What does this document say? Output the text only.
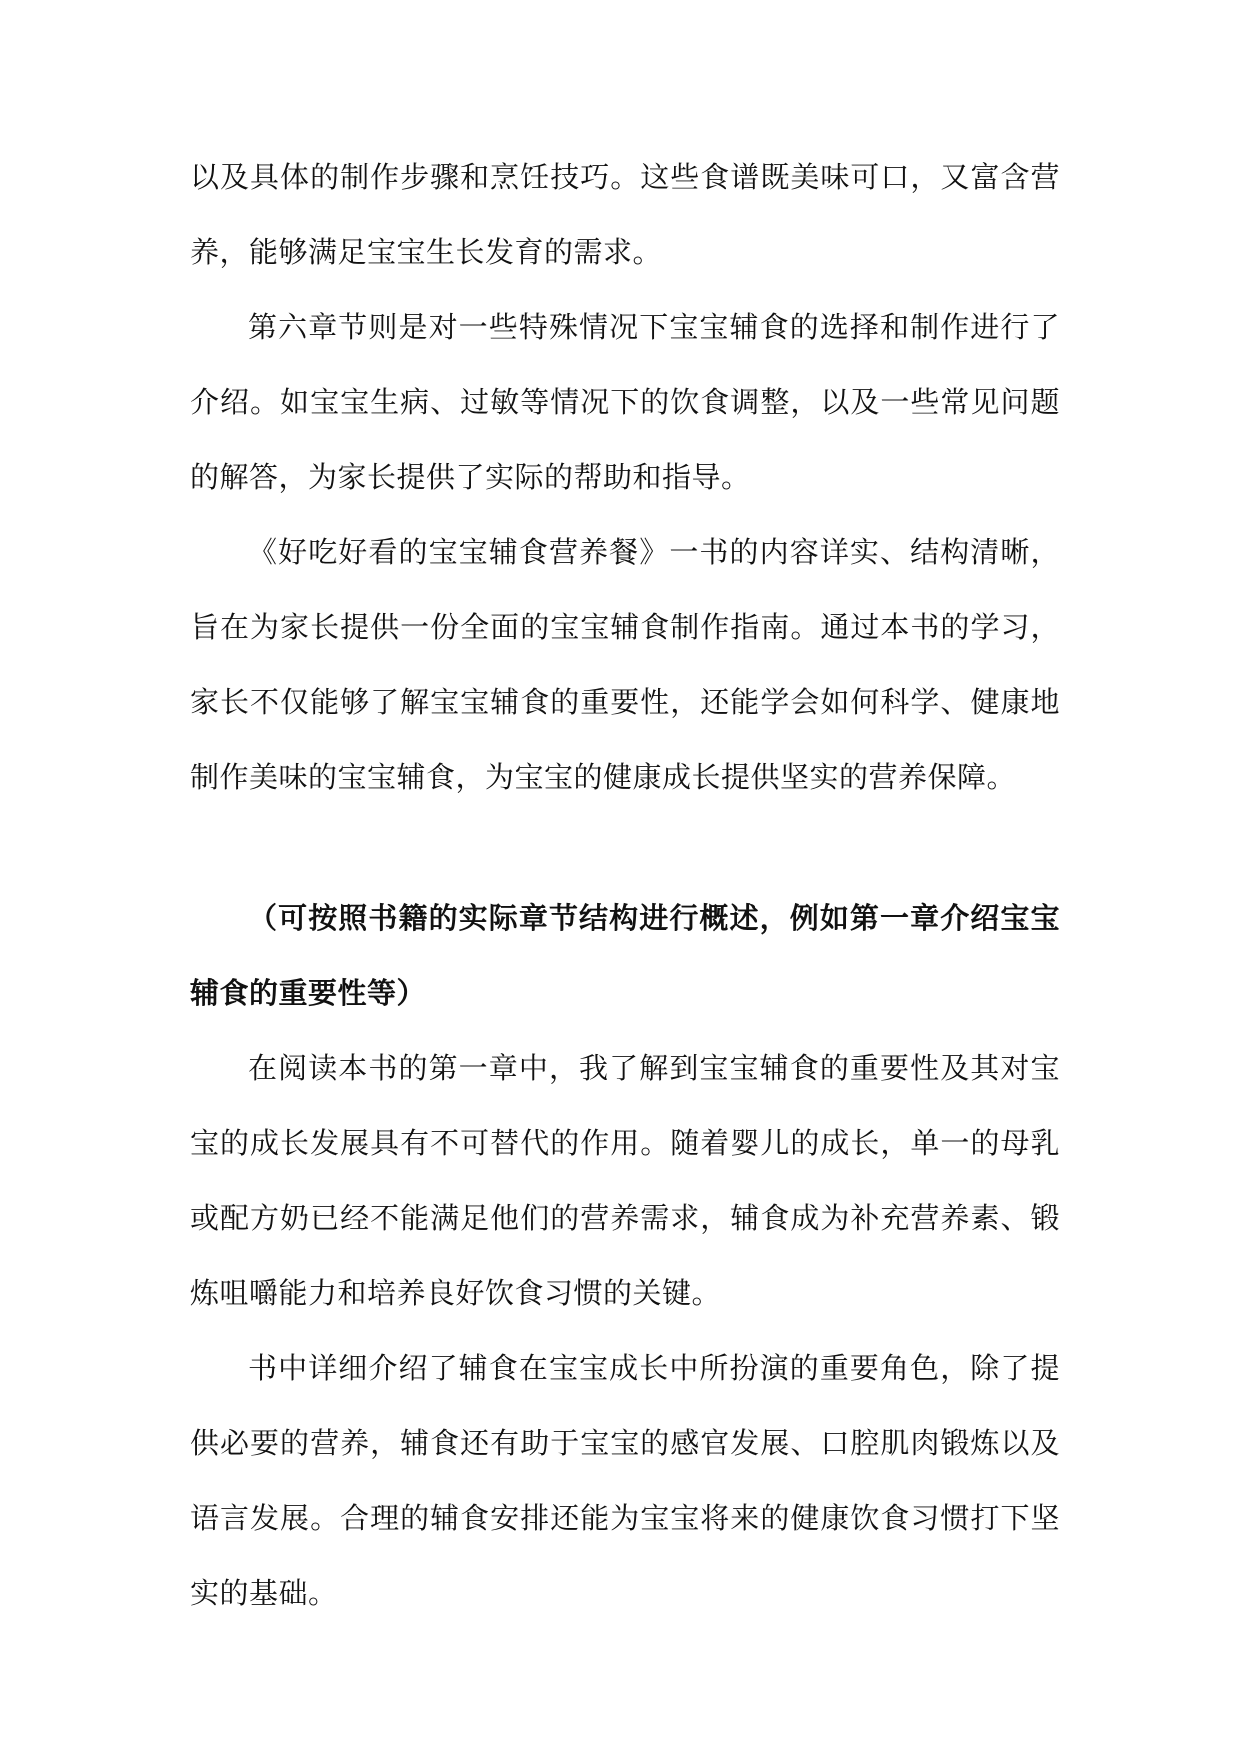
以及具体的制作步骤和烹饪技巧。这些食谱既美味可口，又富含营养，能够满足宝宝生长发育的需求。

第六章节则是对一些特殊情况下宝宝辅食的选择和制作进行了介绍。如宝宝生病、过敏等情况下的饮食调整，以及一些常见问题的解答，为家长提供了实际的帮助和指导。

《好吃好看的宝宝辅食营养餐》一书的内容详实、结构清晰，旨在为家长提供一份全面的宝宝辅食制作指南。通过本书的学习，家长不仅能够了解宝宝辅食的重要性，还能学会如何科学、健康地制作美味的宝宝辅食，为宝宝的健康成长提供坚实的营养保障。

（可按照书籍的实际章节结构进行概述，例如第一章介绍宝宝辅食的重要性等）

在阅读本书的第一章中，我了解到宝宝辅食的重要性及其对宝宝的成长发展具有不可替代的作用。随着婴儿的成长，单一的母乳或配方奶已经不能满足他们的营养需求，辅食成为补充营养素、锻炼咀嚼能力和培养良好饮食习惯的关键。

书中详细介绍了辅食在宝宝成长中所扮演的重要角色，除了提供必要的营养，辅食还有助于宝宝的感官发展、口腔肌肉锻炼以及语言发展。合理的辅食安排还能为宝宝将来的健康饮食习惯打下坚实的基础。
